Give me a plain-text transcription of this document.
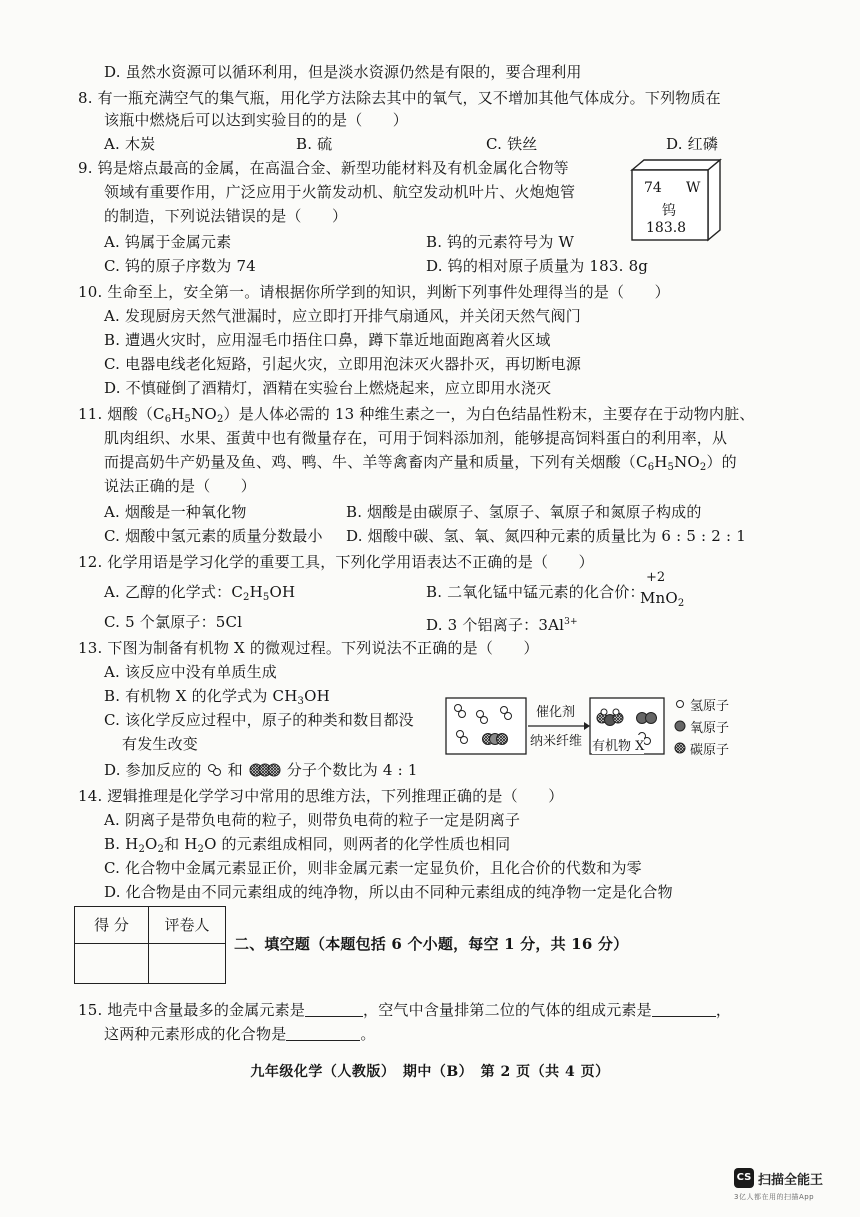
D. 虽然水资源可以循环利用，但是淡水资源仍然是有限的，要合理利用
8. 有一瓶充满空气的集气瓶，用化学方法除去其中的氧气，又不增加其他气体成分。下列物质在
该瓶中燃烧后可以达到实验目的的是（　　）
A. 木炭	B. 硫	C. 铁丝	D. 红磷
9. 钨是熔点最高的金属，在高温合金、新型功能材料及有机金属化合物等
领域有重要作用，广泛应用于火箭发动机、航空发动机叶片、火炮炮管
的制造，下列说法错误的是（　　）
A. 钨属于金属元素	B. 钨的元素符号为 W
C. 钨的原子序数为 74	D. 钨的相对原子质量为 183. 8g
74 W
钨
183.8
10. 生命至上，安全第一。请根据你所学到的知识，判断下列事件处理得当的是（　　）
A. 发现厨房天然气泄漏时，应立即打开排气扇通风，并关闭天然气阀门
B. 遭遇火灾时，应用湿毛巾捂住口鼻，蹲下靠近地面跑离着火区域
C. 电器电线老化短路，引起火灾，立即用泡沫灭火器扑灭，再切断电源
D. 不慎碰倒了酒精灯，酒精在实验台上燃烧起来，应立即用水浇灭
11. 烟酸$(C_6H_5NO_2)$是人体必需的 13 种维生素之一，为白色结晶性粉末，主要存在于动物内脏、
肌肉组织、水果、蛋黄中也有微量存在，可用于饲料添加剂，能够提高饲料蛋白的利用率，从
而提高奶牛产奶量及鱼、鸡、鸭、牛、羊等禽畜肉产量和质量，下列有关烟酸$(C_6H_5NO_2)$的
说法正确的是（　　）
A. 烟酸是一种氧化物	B. 烟酸是由碳原子、氢原子、氧原子和氮原子构成的
C. 烟酸中氢元素的质量分数最小 D. 烟酸中碳、氢、氧、氮四种元素的质量比为 6 : 5 : 2 : 1
12. 化学用语是学习化学的重要工具，下列化学用语表达不正确的是（　　）
A. 乙醇的化学式：$C_2H_5OH$	B. 二氧化锰中锰元素的化合价：
+2
MnO$_2$
C. 5 个氯原子：5Cl	D. 3 个铝离子：$3Al^{3+}$
13. 下图为制备有机物 X 的微观过程。下列说法不正确的是（　　）
A. 该反应中没有单质生成
B. 有机物 X 的化学式为 $CH_3OH$
C. 该化学反应过程中，原子的种类和数目都没
有发生改变
D. 参加反应的 和	分子个数比为 4 : 1
催化剂
纳米纤维 有机物 X
氢原子
氧原子
碳原子
14. 逻辑推理是化学学习中常用的思维方法，下列推理正确的是（　　）
A. 阴离子是带负电荷的粒子，则带负电荷的粒子一定是阴离子
B. $H_2O_2$和 $H_2O$ 的元素组成相同，则两者的化学性质也相同
C. 化合物中金属元素显正价，则非金属元素一定显负价，且化合价的代数和为零
D. 化合物是由不同元素组成的纯净物，所以由不同种元素组成的纯净物一定是化合物
得 分	评卷人
二、填空题（本题包括 6 个小题，每空 1 分，共 16 分）
15. 地壳中含量最多的金属元素是	，空气中含量排第二位的气体的组成元素是	，
这两种元素形成的化合物是	。
九年级化学（人教版）　期中（B）　第 2 页（共 4 页）
CS 扫描全能王
3亿人都在用的扫描App
